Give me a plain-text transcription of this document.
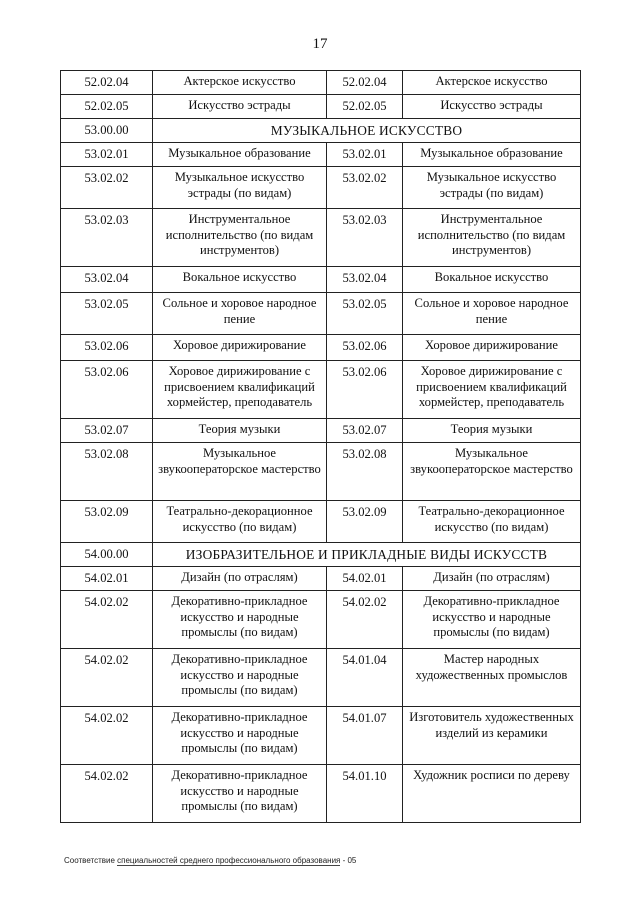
17
52.02.04	Актерское искусство	52.02.04	Актерское искусство
52.02.05	Искусство эстрады	52.02.05	Искусство эстрады
53.00.00	МУЗЫКАЛЬНОЕ ИСКУССТВО		
53.02.01	Музыкальное образование	53.02.01	Музыкальное образование
53.02.02	Музыкальное искусство эстрады (по видам)	53.02.02	Музыкальное искусство эстрады (по видам)
53.02.03	Инструментальное исполнительство (по видам инструментов)	53.02.03	Инструментальное исполнительство (по видам инструментов)
53.02.04	Вокальное искусство	53.02.04	Вокальное искусство
53.02.05	Сольное и хоровое народное пение	53.02.05	Сольное и хоровое народное пение
53.02.06	Хоровое дирижирование	53.02.06	Хоровое дирижирование
53.02.06	Хоровое дирижирование с присвоением квалификаций хормейстер, преподаватель	53.02.06	Хоровое дирижирование с присвоением квалификаций хормейстер, преподаватель
53.02.07	Теория музыки	53.02.07	Теория музыки
53.02.08	Музыкальное звукооператорское мастерство	53.02.08	Музыкальное звукооператорское мастерство
53.02.09	Театрально-декорационное искусство (по видам)	53.02.09	Театрально-декорационное искусство (по видам)
54.00.00	ИЗОБРАЗИТЕЛЬНОЕ И ПРИКЛАДНЫЕ ВИДЫ ИСКУССТВ		
54.02.01	Дизайн (по отраслям)	54.02.01	Дизайн (по отраслям)
54.02.02	Декоративно-прикладное искусство и народные промыслы (по видам)	54.02.02	Декоративно-прикладное искусство и народные промыслы (по видам)
54.02.02	Декоративно-прикладное искусство и народные промыслы (по видам)	54.01.04	Мастер народных художественных промыслов
54.02.02	Декоративно-прикладное искусство и народные промыслы (по видам)	54.01.07	Изготовитель художественных изделий из керамики
54.02.02	Декоративно-прикладное искусство и народные промыслы (по видам)	54.01.10	Художник росписи по дереву
Соответствие специальностей среднего профессионального образования - 05
